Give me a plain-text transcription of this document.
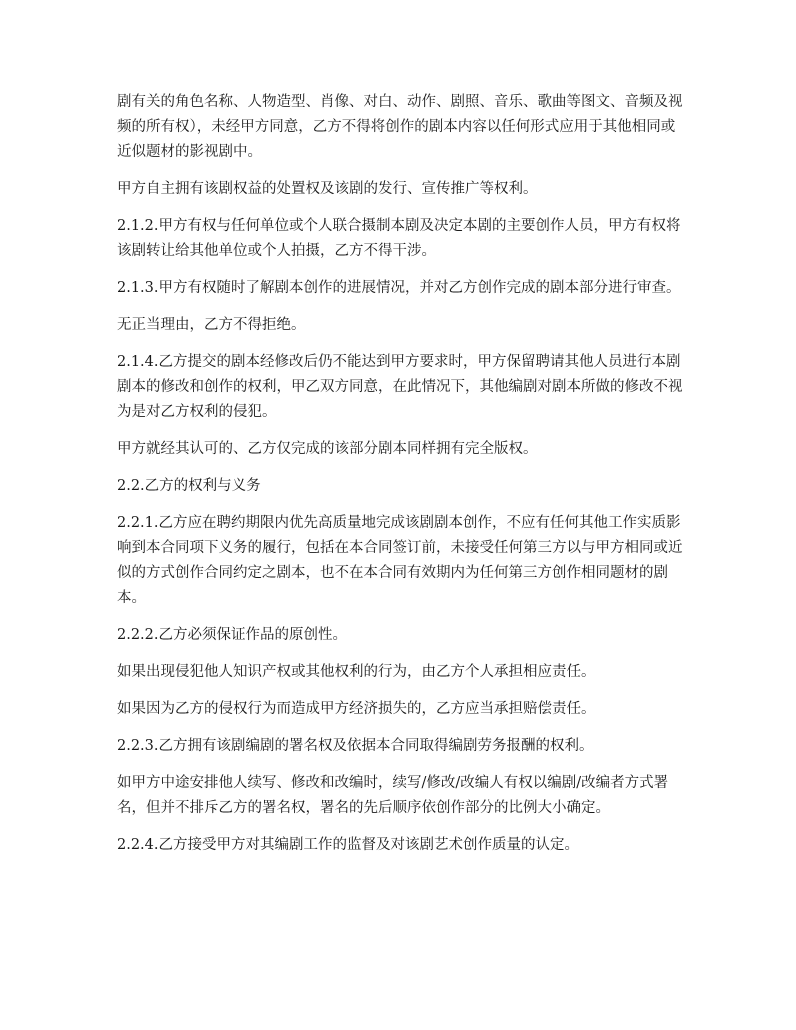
剧有关的角色名称、人物造型、肖像、对白、动作、剧照、音乐、歌曲等图文、音频及视频的所有权），未经甲方同意，乙方不得将创作的剧本内容以任何形式应用于其他相同或近似题材的影视剧中。

甲方自主拥有该剧权益的处置权及该剧的发行、宣传推广等权利。

2.1.2.甲方有权与任何单位或个人联合摄制本剧及决定本剧的主要创作人员，甲方有权将该剧转让给其他单位或个人拍摄，乙方不得干涉。

2.1.3.甲方有权随时了解剧本创作的进展情况，并对乙方创作完成的剧本部分进行审查。

无正当理由，乙方不得拒绝。

2.1.4.乙方提交的剧本经修改后仍不能达到甲方要求时，甲方保留聘请其他人员进行本剧剧本的修改和创作的权利，甲乙双方同意，在此情况下，其他编剧对剧本所做的修改不视为是对乙方权利的侵犯。

甲方就经其认可的、乙方仅完成的该部分剧本同样拥有完全版权。

2.2.乙方的权利与义务

2.2.1.乙方应在聘约期限内优先高质量地完成该剧剧本创作，不应有任何其他工作实质影响到本合同项下义务的履行，包括在本合同签订前，未接受任何第三方以与甲方相同或近似的方式创作合同约定之剧本，也不在本合同有效期内为任何第三方创作相同题材的剧本。

2.2.2.乙方必须保证作品的原创性。

如果出现侵犯他人知识产权或其他权利的行为，由乙方个人承担相应责任。

如果因为乙方的侵权行为而造成甲方经济损失的，乙方应当承担赔偿责任。

2.2.3.乙方拥有该剧编剧的署名权及依据本合同取得编剧劳务报酬的权利。

如甲方中途安排他人续写、修改和改编时，续写/修改/改编人有权以编剧/改编者方式署名，但并不排斥乙方的署名权，署名的先后顺序依创作部分的比例大小确定。

2.2.4.乙方接受甲方对其编剧工作的监督及对该剧艺术创作质量的认定。
